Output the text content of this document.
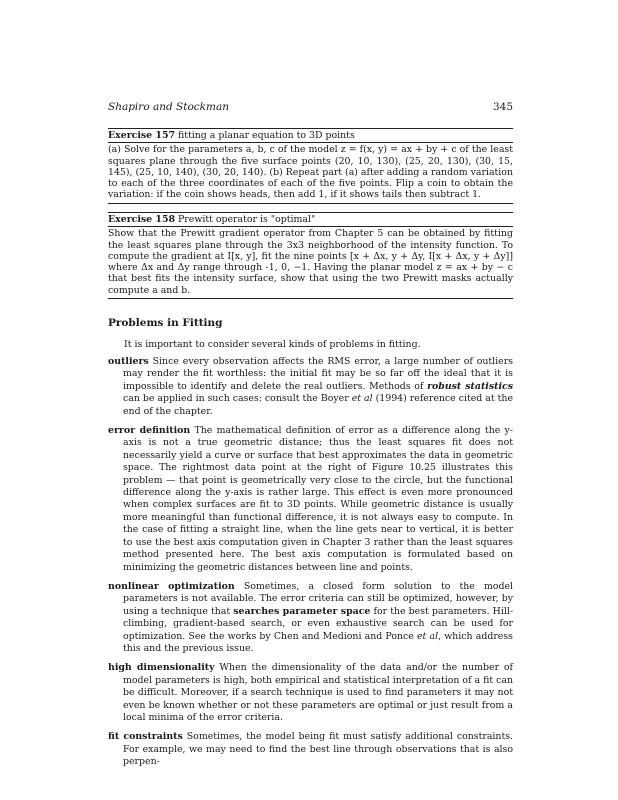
Shapiro and Stockman	345
Exercise 157 fitting a planar equation to 3D points
(a) Solve for the parameters a, b, c of the model z = f(x, y) = ax + by + c of the least squares plane through the five surface points (20, 10, 130), (25, 20, 130), (30, 15, 145), (25, 10, 140), (30, 20, 140). (b) Repeat part (a) after adding a random variation to each of the three coordinates of each of the five points. Flip a coin to obtain the variation: if the coin shows heads, then add 1, if it shows tails then subtract 1.
Exercise 158 Prewitt operator is "optimal"
Show that the Prewitt gradient operator from Chapter 5 can be obtained by fitting the least squares plane through the 3x3 neighborhood of the intensity function. To compute the gradient at I[x, y], fit the nine points [x + Δx, y + Δy, I[x + Δx, y + Δy]] where Δx and Δy range through -1, 0, −1. Having the planar model z = ax + by − c that best fits the intensity surface, show that using the two Prewitt masks actually compute a and b.
Problems in Fitting
It is important to consider several kinds of problems in fitting.
outliers Since every observation affects the RMS error, a large number of outliers may render the fit worthless: the initial fit may be so far off the ideal that it is impossible to identify and delete the real outliers. Methods of robust statistics can be applied in such cases: consult the Boyer et al (1994) reference cited at the end of the chapter.
error definition The mathematical definition of error as a difference along the y-axis is not a true geometric distance; thus the least squares fit does not necessarily yield a curve or surface that best approximates the data in geometric space. The rightmost data point at the right of Figure 10.25 illustrates this problem — that point is geometrically very close to the circle, but the functional difference along the y-axis is rather large. This effect is even more pronounced when complex surfaces are fit to 3D points. While geometric distance is usually more meaningful than functional difference, it is not always easy to compute. In the case of fitting a straight line, when the line gets near to vertical, it is better to use the best axis computation given in Chapter 3 rather than the least squares method presented here. The best axis computation is formulated based on minimizing the geometric distances between line and points.
nonlinear optimization Sometimes, a closed form solution to the model parameters is not available. The error criteria can still be optimized, however, by using a technique that searches parameter space for the best parameters. Hill-climbing, gradient-based search, or even exhaustive search can be used for optimization. See the works by Chen and Medioni and Ponce et al, which address this and the previous issue.
high dimensionality When the dimensionality of the data and/or the number of model parameters is high, both empirical and statistical interpretation of a fit can be difficult. Moreover, if a search technique is used to find parameters it may not even be known whether or not these parameters are optimal or just result from a local minima of the error criteria.
fit constraints Sometimes, the model being fit must satisfy additional constraints. For example, we may need to find the best line through observations that is also perpen-
